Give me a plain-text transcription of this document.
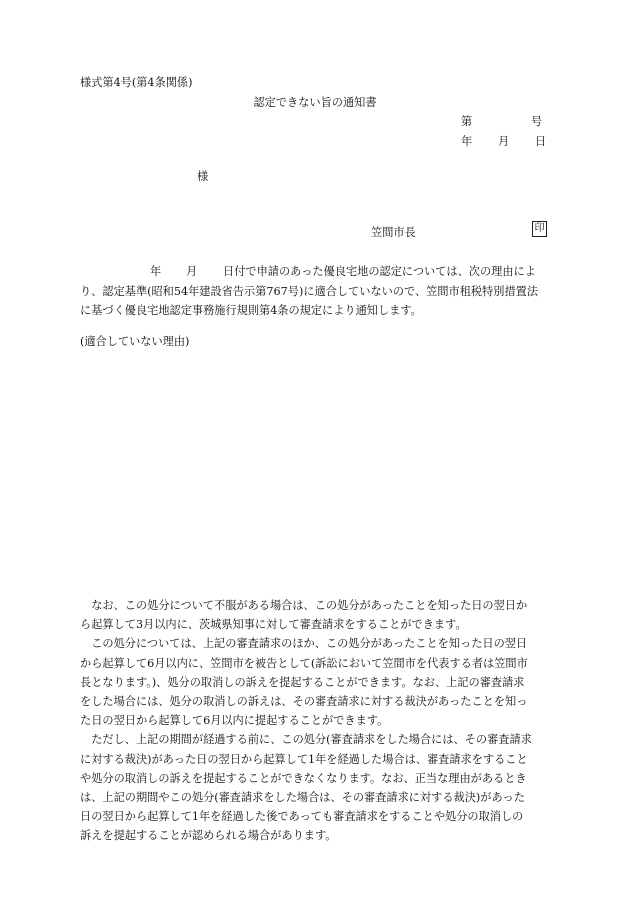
様式第4号(第4条関係)
認定できない旨の通知書
第	号
年 月 日
様
笠間市長	印
年 月 日付で申請のあった優良宅地の認定については、次の理由によ
り、認定基準(昭和54年建設省告示第767号)に適合していないので、笠間市租税特別措置法
に基づく優良宅地認定事務施行規則第4条の規定により通知します。
(適合していない理由)
　なお、この処分について不服がある場合は、この処分があったことを知った日の翌日か
ら起算して3月以内に、茨城県知事に対して審査請求をすることができます。
　この処分については、上記の審査請求のほか、この処分があったことを知った日の翌日
から起算して6月以内に、笠間市を被告として(訴訟において笠間市を代表する者は笠間市
長となります。)、処分の取消しの訴えを提起することができます。なお、上記の審査請求
をした場合には、処分の取消しの訴えは、その審査請求に対する裁決があったことを知っ
た日の翌日から起算して6月以内に提起することができます。
　ただし、上記の期間が経過する前に、この処分(審査請求をした場合には、その審査請求
に対する裁決)があった日の翌日から起算して1年を経過した場合は、審査請求をすること
や処分の取消しの訴えを提起することができなくなります。なお、正当な理由があるとき
は、上記の期間やこの処分(審査請求をした場合は、その審査請求に対する裁決)があった
日の翌日から起算して1年を経過した後であっても審査請求をすることや処分の取消しの
訴えを提起することが認められる場合があります。
